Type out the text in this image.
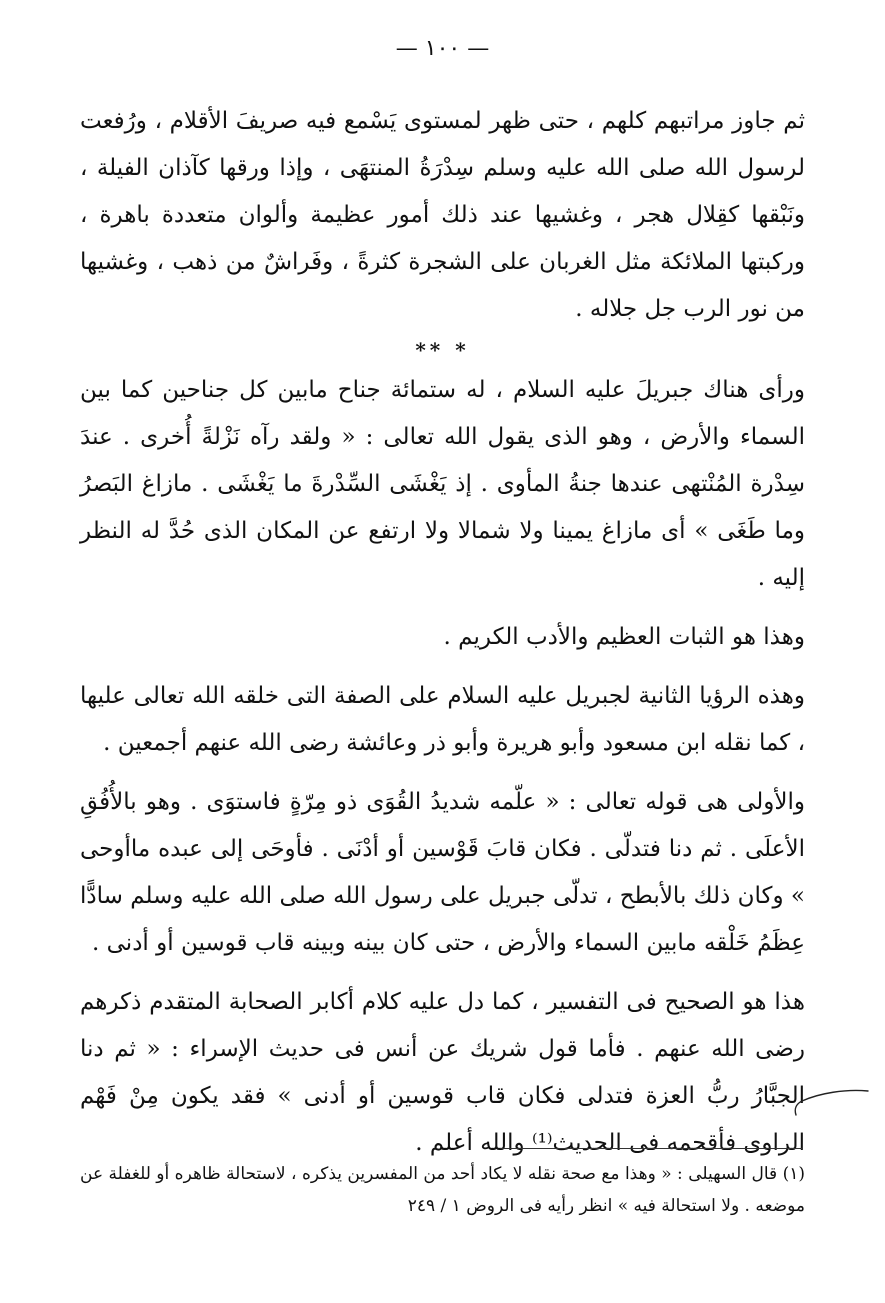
— ١٠٠ —

ثم جاوز مراتبهم كلهم ، حتى ظهر لمستوى يَسْمع فيه صريفَ الأقلام ، ورُفعت لرسول الله صلى الله عليه وسلم سِدْرَةُ المنتهَى ، وإذا ورقها كآذان الفيلة ، ونَبْقها كقِلال هجر ، وغشيها عند ذلك أمور عظيمة وألوان متعددة باهرة ، وركبتها الملائكة مثل الغربان على الشجرة كثرةً ، وفَراشٌ من ذهب ، وغشيها من نور الرب جل جلاله .

* **

ورأى هناك جبريلَ عليه السلام ، له ستمائة جناح مابين كل جناحين كما بين السماء والأرض ، وهو الذى يقول الله تعالى : « ولقد رآه نَزْلةً أُخرى . عندَ سِدْرة المُنْتهى عندها جنةُ المأوى . إذ يَغْشَى السِّدْرةَ ما يَغْشَى . مازاغ البَصرُ وما طَغَى » أى مازاغ يمينا ولا شمالا ولا ارتفع عن المكان الذى حُدَّ له النظر إليه .

وهذا هو الثبات العظيم والأدب الكريم .

وهذه الرؤيا الثانية لجبريل عليه السلام على الصفة التى خلقه الله تعالى عليها ، كما نقله ابن مسعود وأبو هريرة وأبو ذر وعائشة رضى الله عنهم أجمعين .

والأولى هى قوله تعالى : « علّمه شديدُ القُوَى ذو مِرّةٍ فاستوَى . وهو بالأُفُقِ الأعلَى . ثم دنا فتدلّى . فكان قابَ قَوْسين أو أدْنَى . فأوحَى إلى عبده ماأوحى » وكان ذلك بالأبطح ، تدلّى جبريل على رسول الله صلى الله عليه وسلم سادًّا عِظَمُ خَلْقه مابين السماء والأرض ، حتى كان بينه وبينه قاب قوسين أو أدنى .

هذا هو الصحيح فى التفسير ، كما دل عليه كلام أكابر الصحابة المتقدم ذكرهم رضى الله عنهم . فأما قول شريك عن أنس فى حديث الإسراء : « ثم دنا الجبَّارُ ربُّ العزة فتدلى فكان قاب قوسين أو أدنى » فقد يكون مِنْ فَهْم الراوى فأقحمه فى الحديث⁽¹⁾ والله أعلم .

(١) قال السهيلى : « وهذا مع صحة نقله لا يكاد أحد من المفسرين يذكره ، لاستحالة ظاهره أو للغفلة عن موضعه . ولا استحالة فيه » انظر رأيه فى الروض ١ / ٢٤٩
